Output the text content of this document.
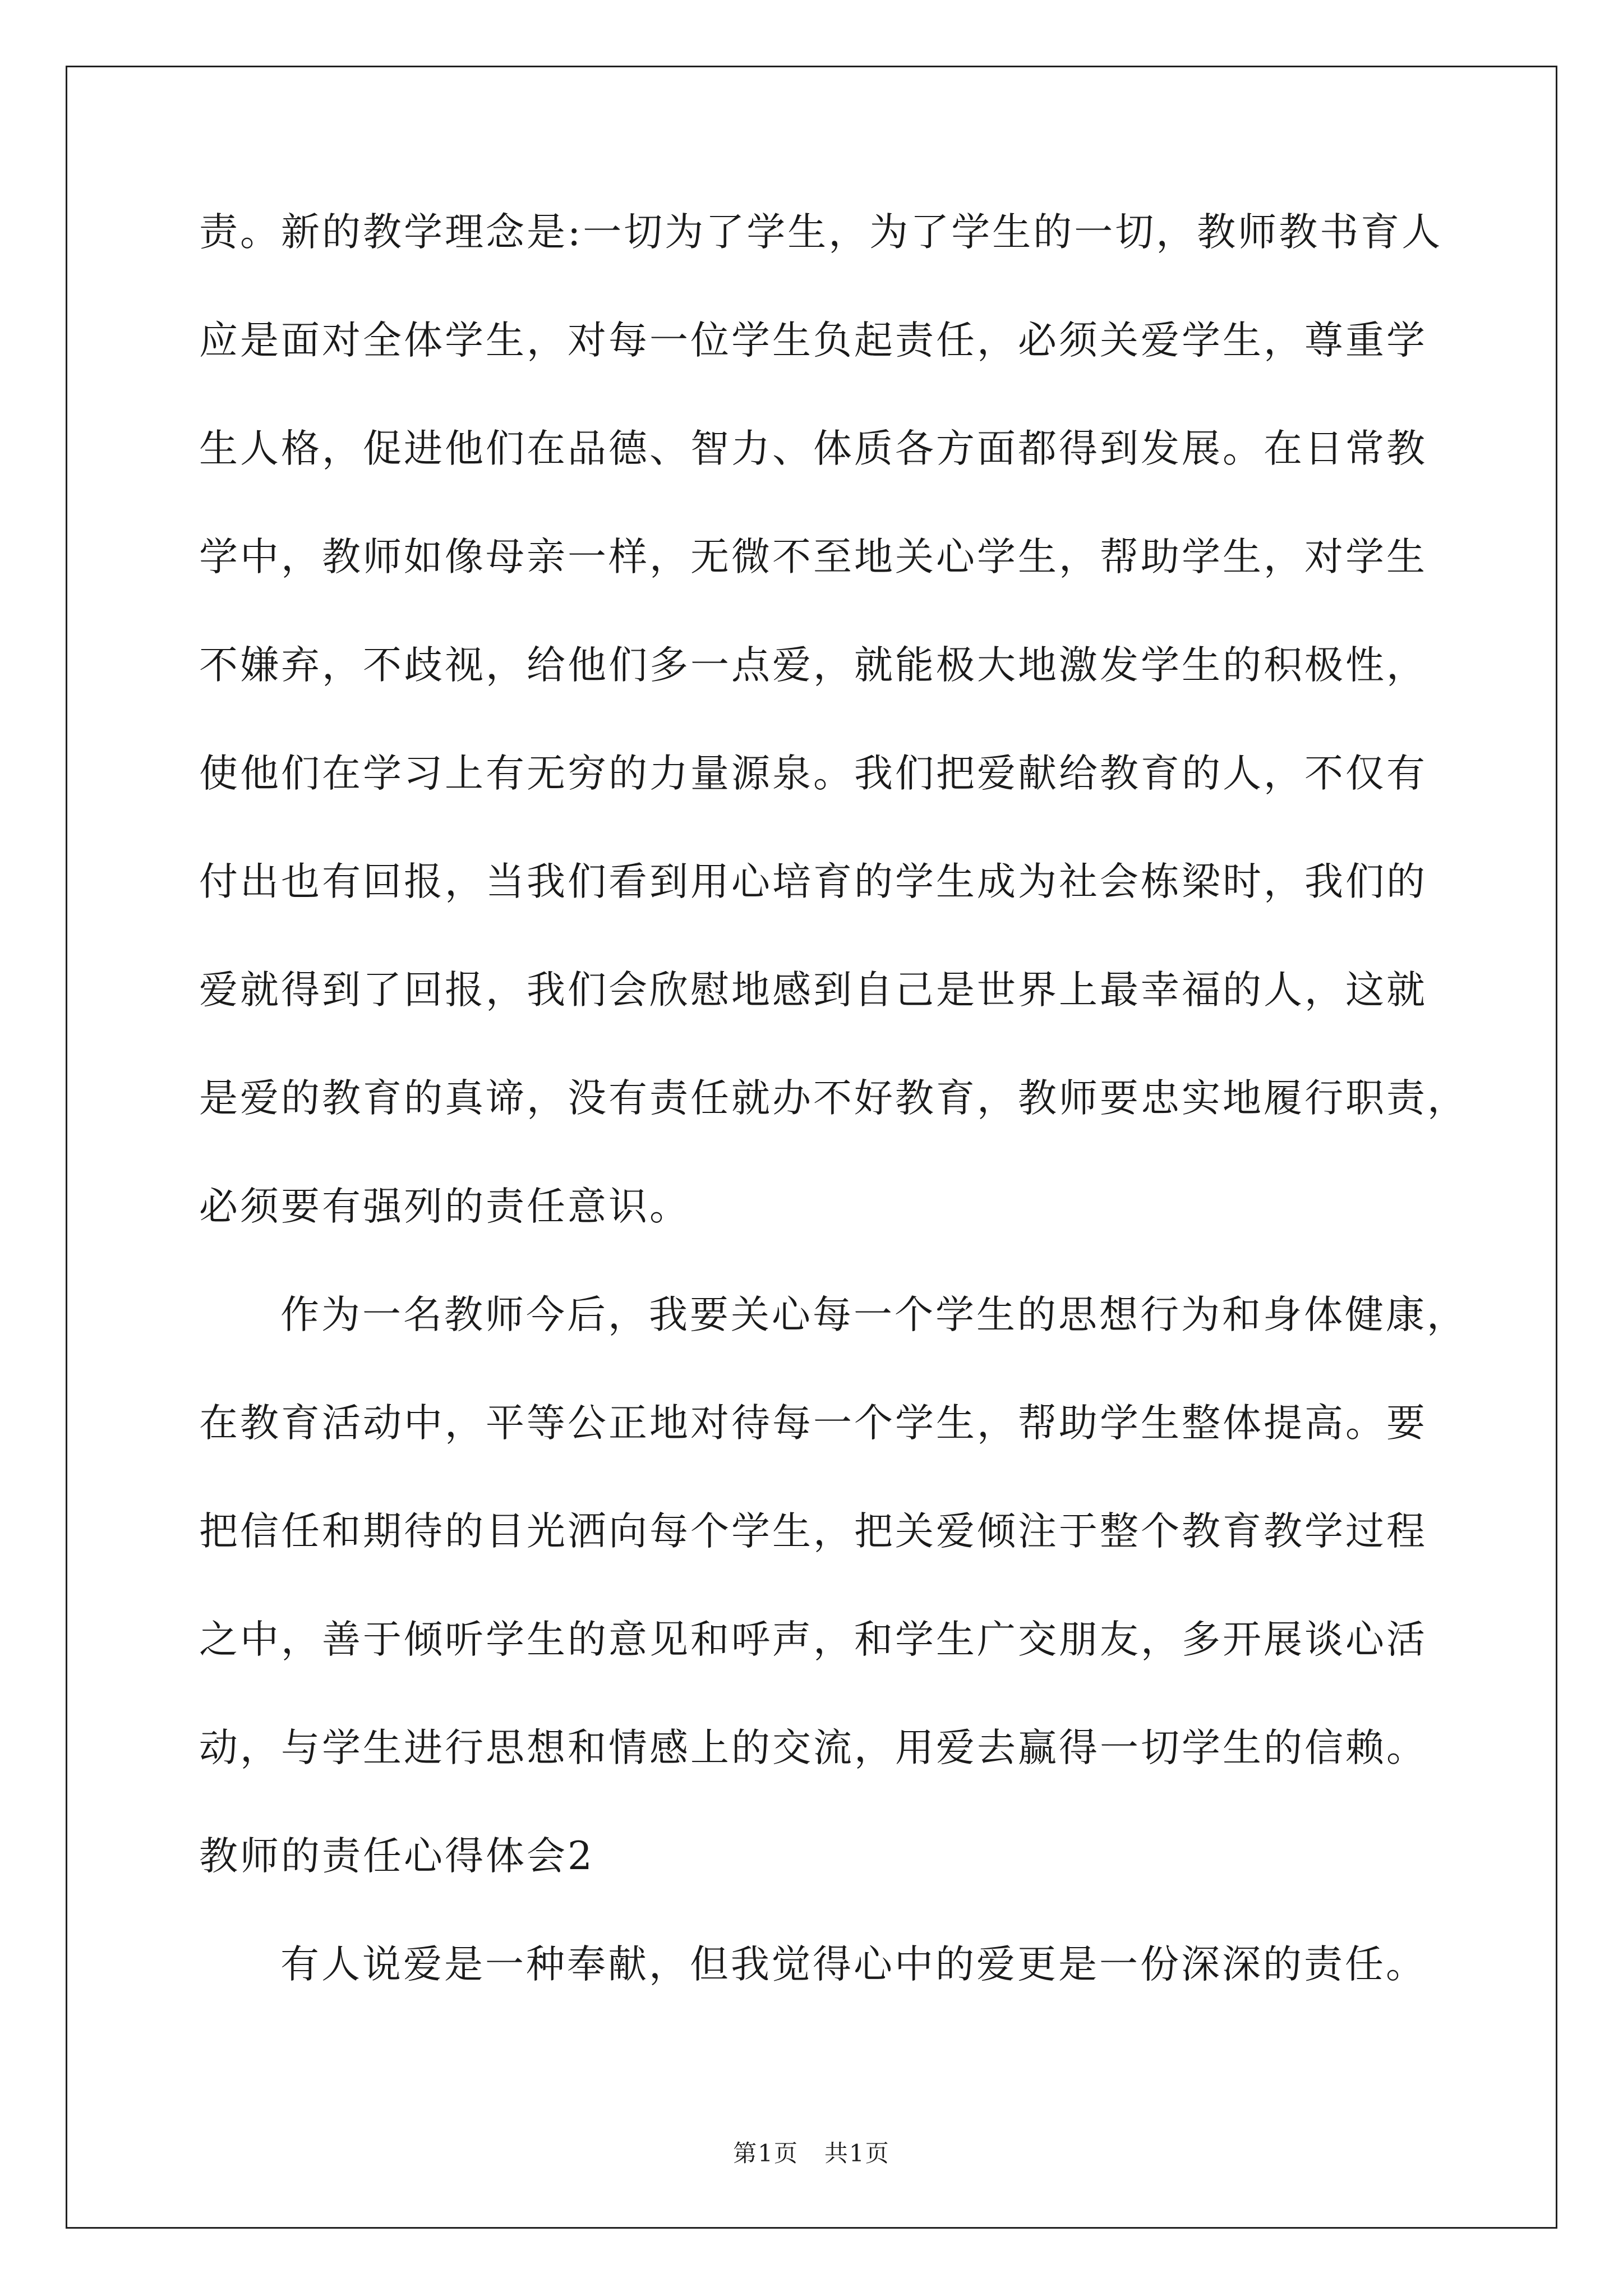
责。新的教学理念是:一切为了学生，为了学生的一切，教师教书育人
应是面对全体学生，对每一位学生负起责任，必须关爱学生，尊重学
生人格，促进他们在品德、智力、体质各方面都得到发展。在日常教
学中，教师如像母亲一样，无微不至地关心学生，帮助学生，对学生
不嫌弃，不歧视，给他们多一点爱，就能极大地激发学生的积极性，
使他们在学习上有无穷的力量源泉。我们把爱献给教育的人，不仅有
付出也有回报，当我们看到用心培育的学生成为社会栋梁时，我们的
爱就得到了回报，我们会欣慰地感到自己是世界上最幸福的人，这就
是爱的教育的真谛，没有责任就办不好教育，教师要忠实地履行职责，
必须要有强列的责任意识。
作为一名教师今后，我要关心每一个学生的思想行为和身体健康，
在教育活动中，平等公正地对待每一个学生，帮助学生整体提高。要
把信任和期待的目光洒向每个学生，把关爱倾注于整个教育教学过程
之中，善于倾听学生的意见和呼声，和学生广交朋友，多开展谈心活
动，与学生进行思想和情感上的交流，用爱去赢得一切学生的信赖。
教师的责任心得体会2
有人说爱是一种奉献，但我觉得心中的爱更是一份深深的责任。
第1页 共1页
